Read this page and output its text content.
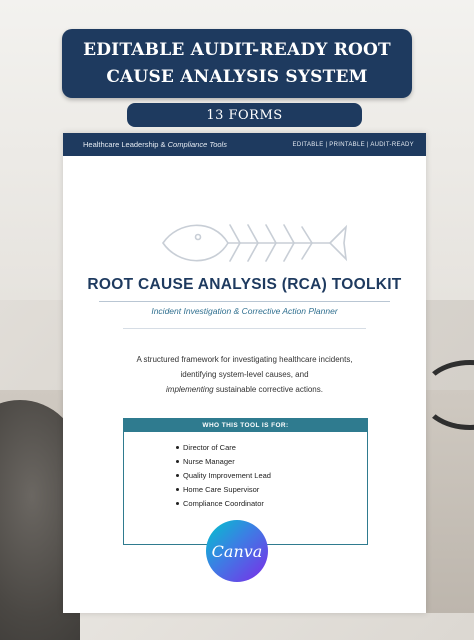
EDITABLE AUDIT-READY ROOT CAUSE ANALYSIS SYSTEM
13 FORMS
Healthcare Leadership & Compliance Tools	EDITABLE | PRINTABLE | AUDIT-READY
ROOT CAUSE ANALYSIS (RCA) TOOLKIT
Incident Investigation & Corrective Action Planner
A structured framework for investigating healthcare incidents,
identifying system-level causes, and
implementing sustainable corrective actions.
WHO THIS TOOL IS FOR:
Director of Care
Nurse Manager
Quality Improvement Lead
Home Care Supervisor
Compliance Coordinator
Canva
